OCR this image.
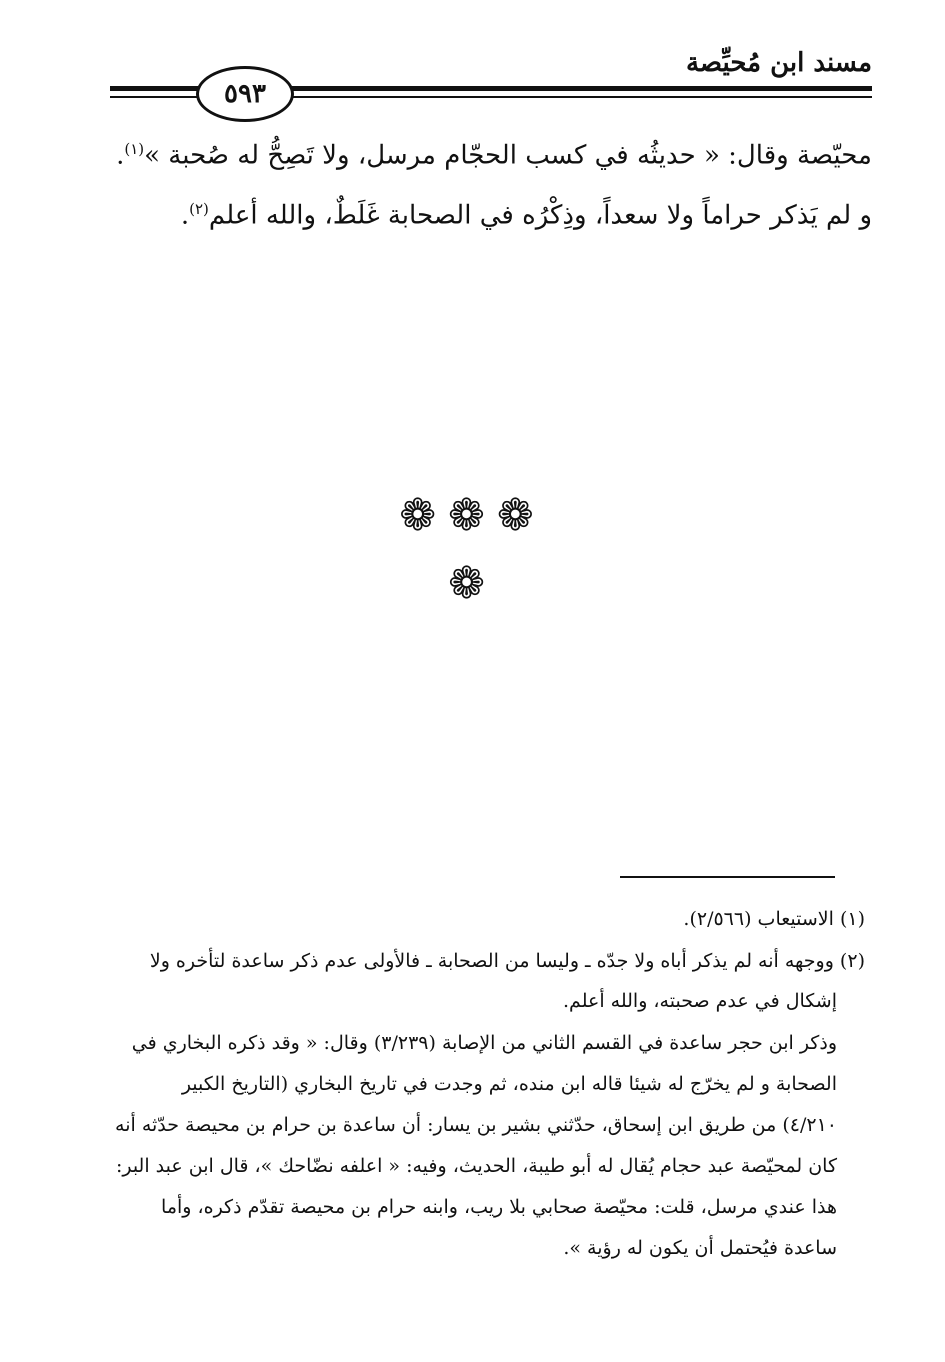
مسند ابن مُحيِّصة
٥٩٣
محيّصة وقال: « حديثُه في كسب الحجّام مرسل، ولا تَصِحُّ له صُحبة »$^{(١)}$.
و لم يَذكر حراماً ولا سعداً، وذِكْرُه في الصحابة غَلَطٌ، والله أعلم$^{(٢)}$.
❁❁❁
❁
(١) الاستيعاب (٢/٥٦٦).
(٢) ووجهه أنه لم يذكر أباه ولا جدّه ـ وليسا من الصحابة ـ فالأولى عدم ذكر ساعدة لتأخره ولا
إشكال في عدم صحبته، والله أعلم.
وذكر ابن حجر ساعدة في القسم الثاني من الإصابة (٣/٢٣٩) وقال: « وقد ذكره البخاري في
الصحابة و لم يخرّج له شيئا قاله ابن منده، ثم وجدت في تاريخ البخاري (التاريخ الكبير
٤/٢١٠) من طريق ابن إسحاق، حدّثني بشير بن يسار: أن ساعدة بن حرام بن محيصة حدّثه أنه
كان لمحيّصة عبد حجام يُقال له أبو طيبة، الحديث، وفيه: « اعلفه نضّاحك »، قال ابن عبد البر:
هذا عندي مرسل، قلت: محيّصة صحابي بلا ريب، وابنه حرام بن محيصة تقدّم ذكره، وأما
ساعدة فيُحتمل أن يكون له رؤية ».
